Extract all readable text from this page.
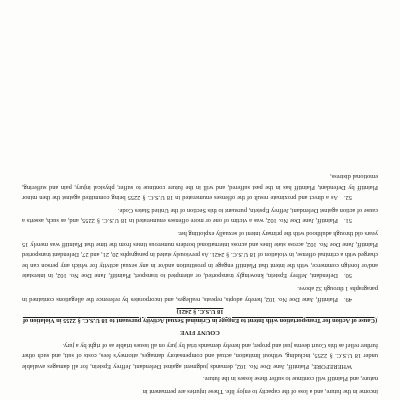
income in the future, and a loss of the capacity to enjoy life. These injuries are permanent in

nature, and Plaintiff will continue to suffer these losses in the future.

WHEREFORE, Plaintiff, Jane Doe No. 102, demands judgment against Defendant, Jeffrey Epstein, for all damages available under 18 U.S.C. § 2255, including, without limitation, actual and compensatory damages, attorney's fees, costs of suit, and such other further relief as this Court deems just and proper, and hereby demands trial by jury on all issues triable as of right by a jury.

COUNT FIVE
(Cause of Action for Transportation with Intent to Engage in Criminal Sexual Activity pursuant to 18 U.S.C. § 2255 in Violation of 18 U.S.C. § 2421)

49.Plaintiff, Jane Doe No. 102, hereby adopts, repeats, realleges, and incorporates by reference the allegations contained in paragraphs 1 through 32 above.

50.Defendant, Jeffrey Epstein, knowingly transported, or attempted to transport, Plaintiff, Jane Doe No. 102, in interstate and/or foreign commerce, with the intent that Plaintiff engage in prostitution and/or in any sexual activity for which any person can be charged with a criminal offense, in violation of 18 U.S.C. § 2421. As previously stated in paragraphs 20, 21, and 27, Defendant transported Plaintiff, Jane Doe No. 102, across state lines and across international borders numerous times from the time that Plaintiff was merely 15 years old through adulthood with the primary intent of sexually exploiting her.

51.Plaintiff, Jane Doe No. 102, was a victim of one or more offenses enumerated in 18 U.S.C. § 2255, and, as such, asserts a cause of action against Defendant, Jeffrey Epstein, pursuant to this Section of the United States Code.

52.As a direct and proximate result of the offenses enumerated in 18 U.S.C. § 2255 being committed against the then minor Plaintiff by Defendant, Plaintiff has in the past suffered, and will in the future continue to suffer, physical injury, pain and suffering, emotional distress,
